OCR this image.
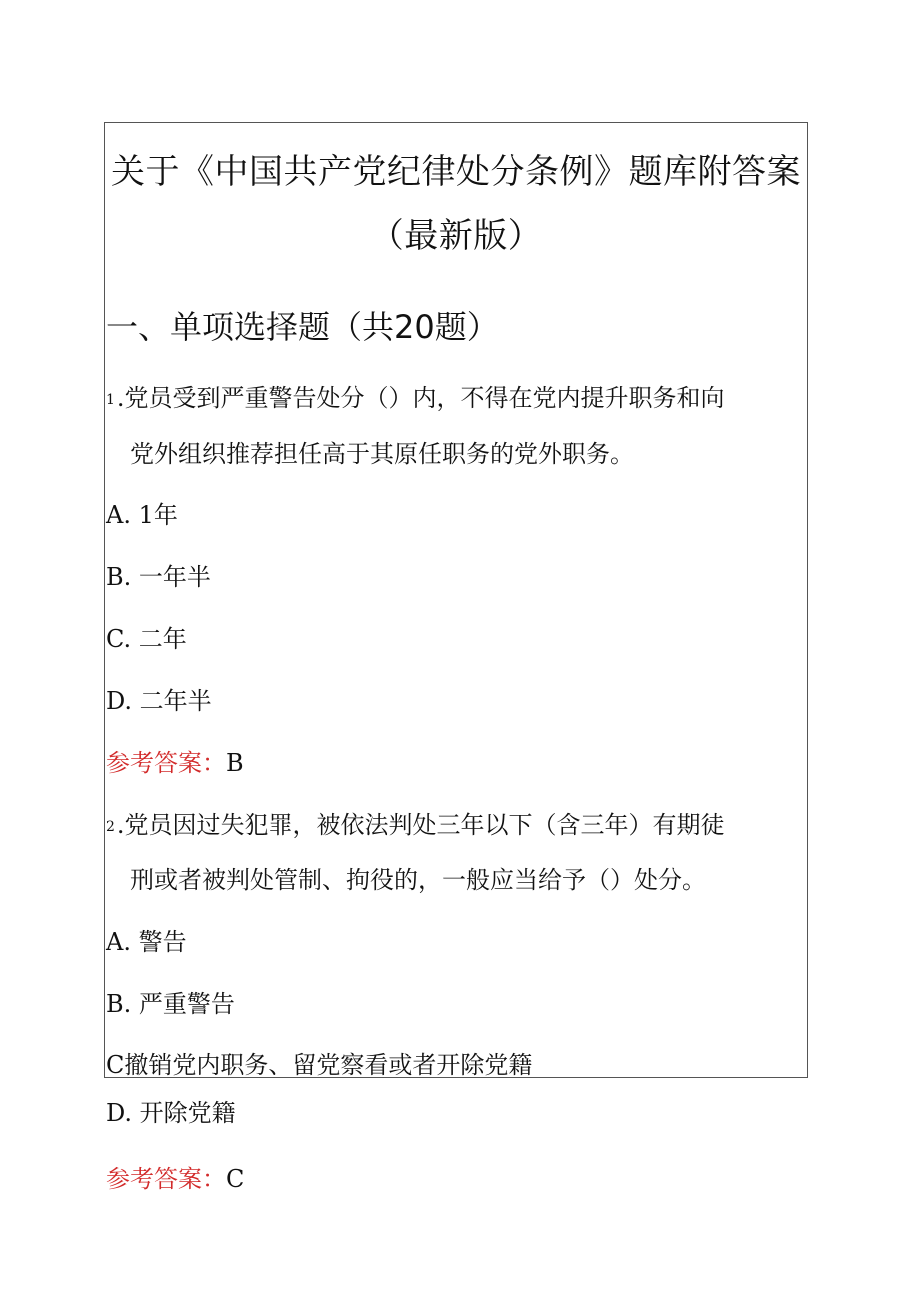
关于《中国共产党纪律处分条例》题库附答案
（最新版）
一、单项选择题（共20题）
1.党员受到严重警告处分（）内，不得在党内提升职务和向
党外组织推荐担任高于其原任职务的党外职务。
A. 1年
B. 一年半
C. 二年
D. 二年半
参考答案：B
2.党员因过失犯罪，被依法判处三年以下（含三年）有期徒
刑或者被判处管制、拘役的，一般应当给予（）处分。
A. 警告
B. 严重警告
C撤销党内职务、留党察看或者开除党籍
D. 开除党籍
参考答案：C
